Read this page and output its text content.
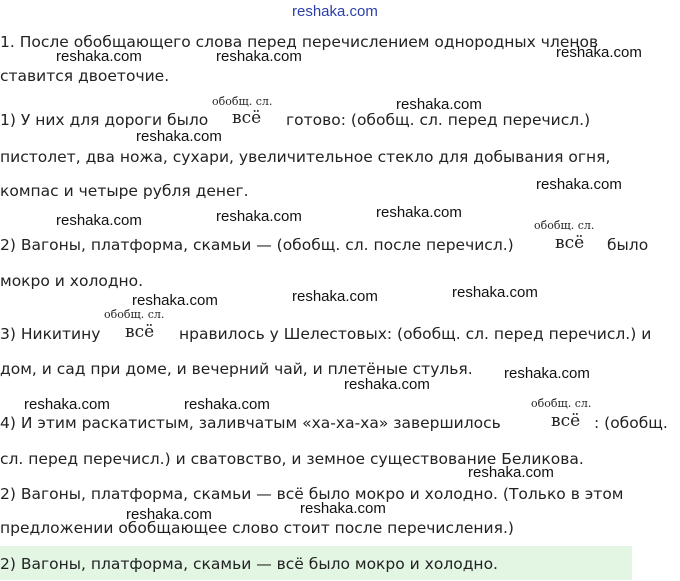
reshaka.com
1. После обобщающего слова перед перечислением однородных членов
ставится двоеточие.
1) У них для дороги было
обобщ. сл.
всё готово: (обобщ. сл. перед перечисл.)
пистолет, два ножа, сухари, увеличительное стекло для добывания огня,
компас и четыре рубля денег.
2) Вагоны, платформа, скамьи — (обобщ. сл. после перечисл.)
обобщ. сл.
всё было
мокро и холодно.
3) Никитину
обобщ. сл.
всё нравилось у Шелестовых: (обобщ. сл. перед перечисл.) и
дом, и сад при доме, и вечерний чай, и плетёные стулья.
4) И этим раскатистым, заливчатым «ха-ха-ха» завершилось
обобщ. сл.
всё : (обобщ.
сл. перед перечисл.) и сватовство, и земное существование Беликова.
2) Вагоны, платформа, скамьи — всё было мокро и холодно. (Только в этом
предложении обобщающее слово стоит после перечисления.)
2) Вагоны, платформа, скамьи — всё было мокро и холодно.
reshaka.com	reshaka.com	reshaka.com
reshaka.com
reshaka.com
reshaka.com
reshaka.com	reshaka.com	reshaka.com
reshaka.com	reshaka.com	reshaka.com
reshaka.com
reshaka.com
reshaka.com	reshaka.com
reshaka.com
reshaka.com
reshaka.com
